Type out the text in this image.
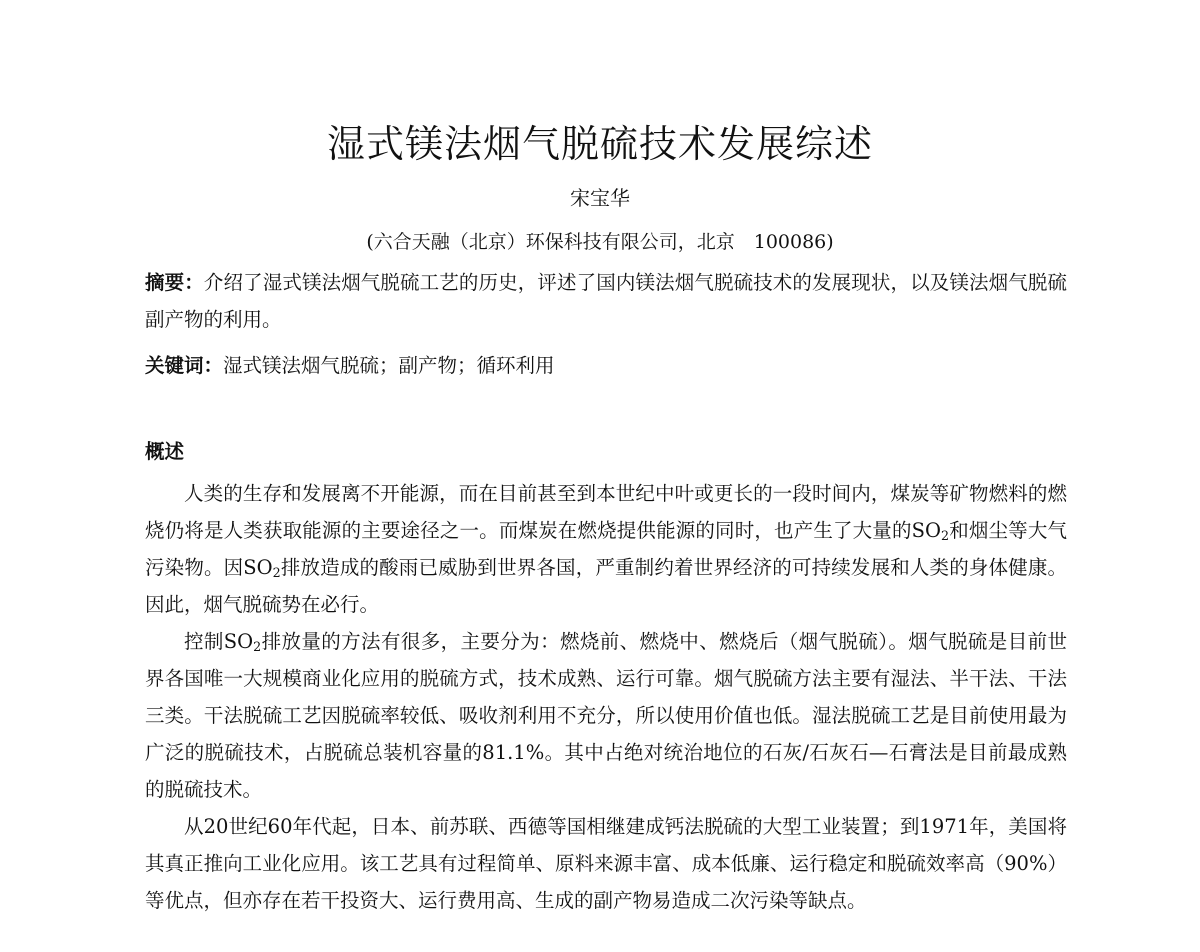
湿式镁法烟气脱硫技术发展综述
宋宝华
(六合天融（北京）环保科技有限公司，北京　100086)
摘要：介绍了湿式镁法烟气脱硫工艺的历史，评述了国内镁法烟气脱硫技术的发展现状，以及镁法烟气脱硫副产物的利用。
关键词：湿式镁法烟气脱硫；副产物；循环利用
概述

人类的生存和发展离不开能源，而在目前甚至到本世纪中叶或更长的一段时间内，煤炭等矿物燃料的燃烧仍将是人类获取能源的主要途径之一。而煤炭在燃烧提供能源的同时，也产生了大量的$SO_2$和烟尘等大气污染物。因$SO_2$排放造成的酸雨已威胁到世界各国，严重制约着世界经济的可持续发展和人类的身体健康。因此，烟气脱硫势在必行。

控制$SO_2$排放量的方法有很多，主要分为：燃烧前、燃烧中、燃烧后（烟气脱硫）。烟气脱硫是目前世界各国唯一大规模商业化应用的脱硫方式，技术成熟、运行可靠。烟气脱硫方法主要有湿法、半干法、干法三类。干法脱硫工艺因脱硫率较低、吸收剂利用不充分，所以使用价值也低。湿法脱硫工艺是目前使用最为广泛的脱硫技术，占脱硫总装机容量的81.1%。其中占绝对统治地位的石灰/石灰石—石膏法是目前最成熟的脱硫技术。

从20世纪60年代起，日本、前苏联、西德等国相继建成钙法脱硫的大型工业装置；到1971年，美国将其真正推向工业化应用。该工艺具有过程简单、原料来源丰富、成本低廉、运行稳定和脱硫效率高（90%）等优点，但亦存在若干投资大、运行费用高、生成的副产物易造成二次污染等缺点。
